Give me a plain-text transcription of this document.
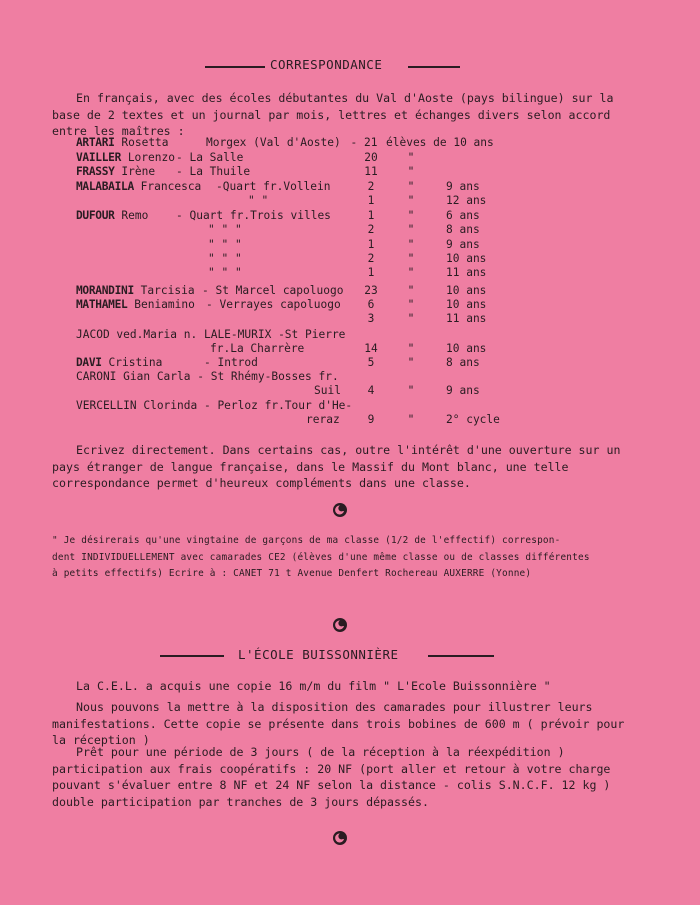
CORRESPONDANCE
En français, avec des écoles débutantes du Val d'Aoste (pays bilingue) sur la base de 2 textes et un journal par mois, lettres et échanges divers selon accord entre les maîtres :
ARTARI Rosetta	Morgex (Val d'Aoste) - 21 élèves de 10 ans
VAILLER Lorenzo - La Salle	20	"
FRASSY Irène - La Thuile	11	"
MALABAILA Francesca -Quart fr.Vollein	2	"	9 ans
" "	1	"	12 ans
DUFOUR Remo - Quart fr.Trois villes	1	"	6 ans
" " "	2	"	8 ans
" " "	1	"	9 ans
" " "	2	"	10 ans
" " "	1	"	11 ans
MORANDINI Tarcisia - St Marcel capoluogo	23	"	10 ans
MATHAMEL Beniamino - Verrayes capoluogo	6	"	10 ans
3	"	11 ans
JACOD ved.Maria n. LALE-MURIX -St Pierre
fr.La Charrère	14	"	10 ans
DAVI Cristina	- Introd	5	"	8 ans
CARONI Gian Carla - St Rhémy-Bosses fr.
Suil	4	"	9 ans
VERCELLIN Clorinda - Perloz fr.Tour d'He-
reraz	9	"	2° cycle
Ecrivez directement. Dans certains cas, outre l'intérêt d'une ouverture sur un pays étranger de langue française, dans le Massif du Mont blanc, une telle correspondance permet d'heureux compléments dans une classe.
" Je désirerais qu'une vingtaine de garçons de ma classe (1/2 de l'effectif) correspon-
dent INDIVIDUELLEMENT avec camarades CE2 (élèves d'une même classe ou de classes différentes
à petits effectifs) Ecrire à : CANET 71 t Avenue Denfert Rochereau AUXERRE (Yonne)
L'ÉCOLE BUISSONNIÈRE
La C.E.L. a acquis une copie 16 m/m du film " L'Ecole Buissonnière "
Nous pouvons la mettre à la disposition des camarades pour illustrer leurs manifestations. Cette copie se présente dans trois bobines de 600 m ( prévoir pour la réception )
Prêt pour une période de 3 jours ( de la réception à la réexpédition ) participation aux frais coopératifs : 20 NF (port aller et retour à votre charge pouvant s'évaluer entre 8 NF et 24 NF selon la distance - colis S.N.C.F. 12 kg ) double participation par tranches de 3 jours dépassés.
